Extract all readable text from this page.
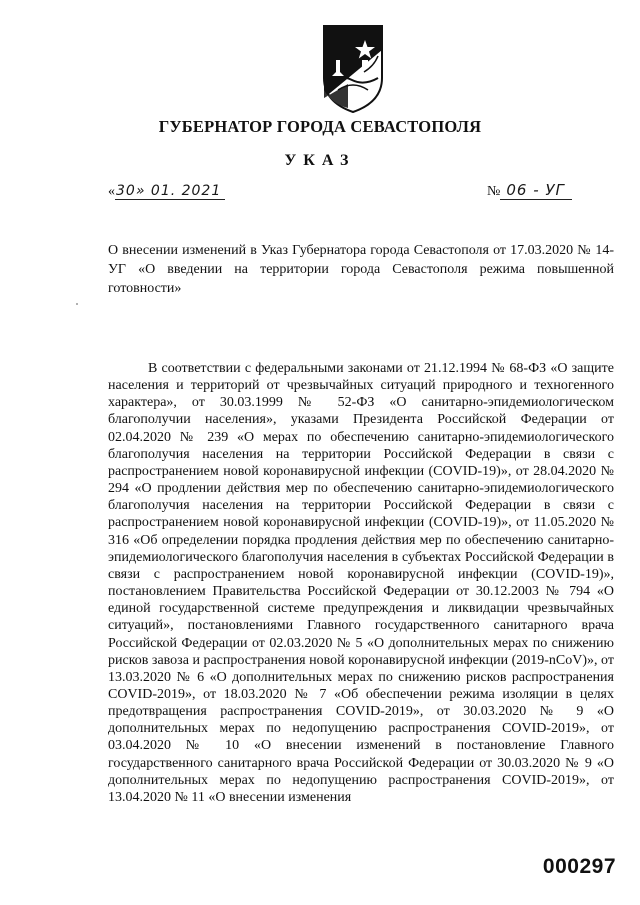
ГУБЕРНАТОР ГОРОДА СЕВАСТОПОЛЯ
УКАЗ
« 30» 01. 2021	№ 06 - УГ
О внесении изменений в Указ Губернатора города Севастополя от 17.03.2020 № 14-УГ «О введении на территории города Севастополя режима повышенной готовности»
В соответствии с федеральными законами от 21.12.1994 № 68-ФЗ «О защите населения и территорий от чрезвычайных ситуаций природного и техногенного характера», от 30.03.1999 № 52-ФЗ «О санитарно-эпидемиологическом благополучии населения», указами Президента Российской Федерации от 02.04.2020 № 239 «О мерах по обеспечению санитарно-эпидемиологического благополучия населения на территории Российской Федерации в связи с распространением новой коронавирусной инфекции (COVID-19)», от 28.04.2020 № 294 «О продлении действия мер по обеспечению санитарно-эпидемиологического благополучия населения на территории Российской Федерации в связи с распространением новой коронавирусной инфекции (COVID-19)», от 11.05.2020 № 316 «Об определении порядка продления действия мер по обеспечению санитарно-эпидемиологического благополучия населения в субъектах Российской Федерации в связи с распространением новой коронавирусной инфекции (COVID-19)», постановлением Правительства Российской Федерации от 30.12.2003 № 794 «О единой государственной системе предупреждения и ликвидации чрезвычайных ситуаций», постановлениями Главного государственного санитарного врача Российской Федерации от 02.03.2020 № 5 «О дополнительных мерах по снижению рисков завоза и распространения новой коронавирусной инфекции (2019-nCoV)», от 13.03.2020 № 6 «О дополнительных мерах по снижению рисков распространения COVID-2019», от 18.03.2020 № 7 «Об обеспечении режима изоляции в целях предотвращения распространения COVID-2019», от 30.03.2020 № 9 «О дополнительных мерах по недопущению распространения COVID-2019», от 03.04.2020 № 10 «О внесении изменений в постановление Главного государственного санитарного врача Российской Федерации от 30.03.2020 № 9 «О дополнительных мерах по недопущению распространения COVID-2019», от 13.04.2020 № 11 «О внесении изменения
000297
